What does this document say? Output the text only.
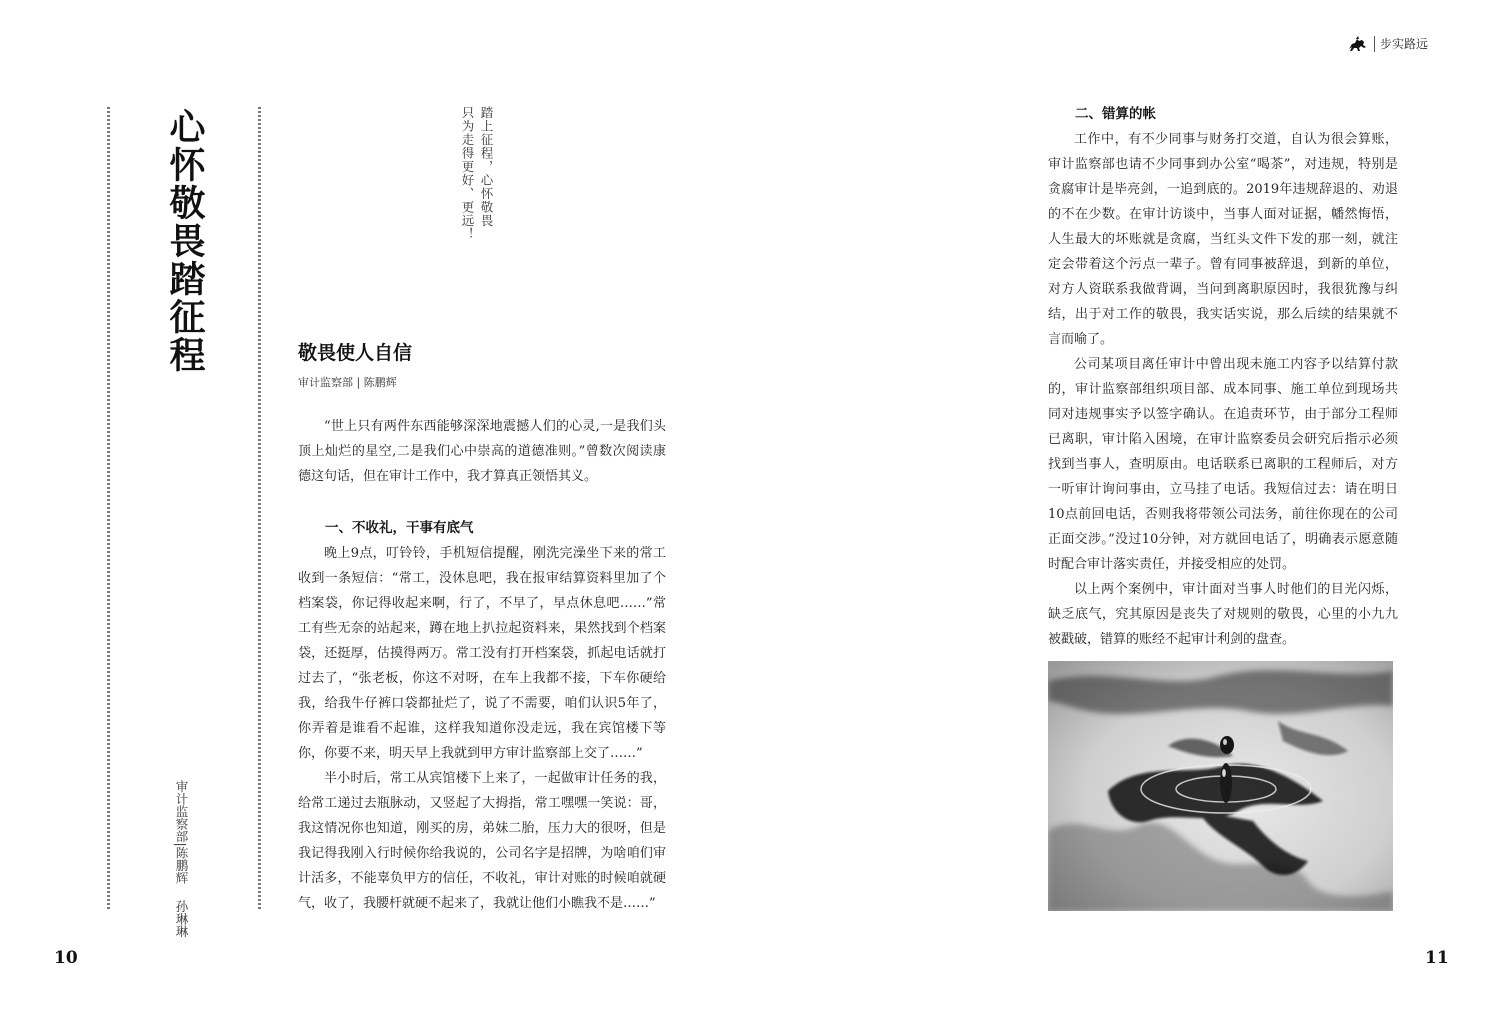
步实路远
心怀敬畏踏征程
审计监察部|陈鹏辉孙琳琳
踏上征程，心怀敬畏
只为走得更好、更远！
敬畏使人自信
审计监察部 | 陈鹏辉

“世上只有两件东西能够深深地震撼人们的心灵,一是我们头顶上灿烂的星空,二是我们心中崇高的道德准则。”曾数次阅读康德这句话，但在审计工作中，我才算真正领悟其义。

一、不收礼，干事有底气

晚上9点，叮铃铃，手机短信提醒，刚洗完澡坐下来的常工收到一条短信：“常工，没休息吧，我在报审结算资料里加了个档案袋，你记得收起来啊，行了，不早了，早点休息吧……”常工有些无奈的站起来，蹲在地上扒拉起资料来，果然找到个档案袋，还挺厚，估摸得两万。常工没有打开档案袋，抓起电话就打过去了，“张老板，你这不对呀，在车上我都不接，下车你硬给我，给我牛仔裤口袋都扯烂了，说了不需要，咱们认识5年了，你弄着是谁看不起谁，这样我知道你没走远，我在宾馆楼下等你，你要不来，明天早上我就到甲方审计监察部上交了……”

半小时后，常工从宾馆楼下上来了，一起做审计任务的我，给常工递过去瓶脉动，又竖起了大拇指，常工嘿嘿一笑说：哥，我这情况你也知道，刚买的房，弟妹二胎，压力大的很呀，但是我记得我刚入行时候你给我说的，公司名字是招牌，为啥咱们审计活多，不能辜负甲方的信任，不收礼，审计对账的时候咱就硬气，收了，我腰杆就硬不起来了，我就让他们小瞧我不是……”

二、错算的帐

工作中，有不少同事与财务打交道，自认为很会算账，审计监察部也请不少同事到办公室“喝茶”，对违规，特别是贪腐审计是毕亮剑，一追到底的。2019年违规辞退的、劝退的不在少数。在审计访谈中，当事人面对证据，幡然悔悟，人生最大的坏账就是贪腐，当红头文件下发的那一刻，就注定会带着这个污点一辈子。曾有同事被辞退，到新的单位，对方人资联系我做背调，当问到离职原因时，我很犹豫与纠结，出于对工作的敬畏，我实话实说，那么后续的结果就不言而喻了。

公司某项目离任审计中曾出现未施工内容予以结算付款的，审计监察部组织项目部、成本同事、施工单位到现场共同对违规事实予以签字确认。在追责环节，由于部分工程师已离职，审计陷入困境，在审计监察委员会研究后指示必须找到当事人，查明原由。电话联系已离职的工程师后，对方一听审计询问事由，立马挂了电话。我短信过去：请在明日10点前回电话，否则我将带领公司法务，前往你现在的公司正面交涉。”没过10分钟，对方就回电话了，明确表示愿意随时配合审计落实责任，并接受相应的处罚。

以上两个案例中，审计面对当事人时他们的目光闪烁，缺乏底气，究其原因是丧失了对规则的敬畏，心里的小九九被戳破，错算的账经不起审计利剑的盘查。

10	11
